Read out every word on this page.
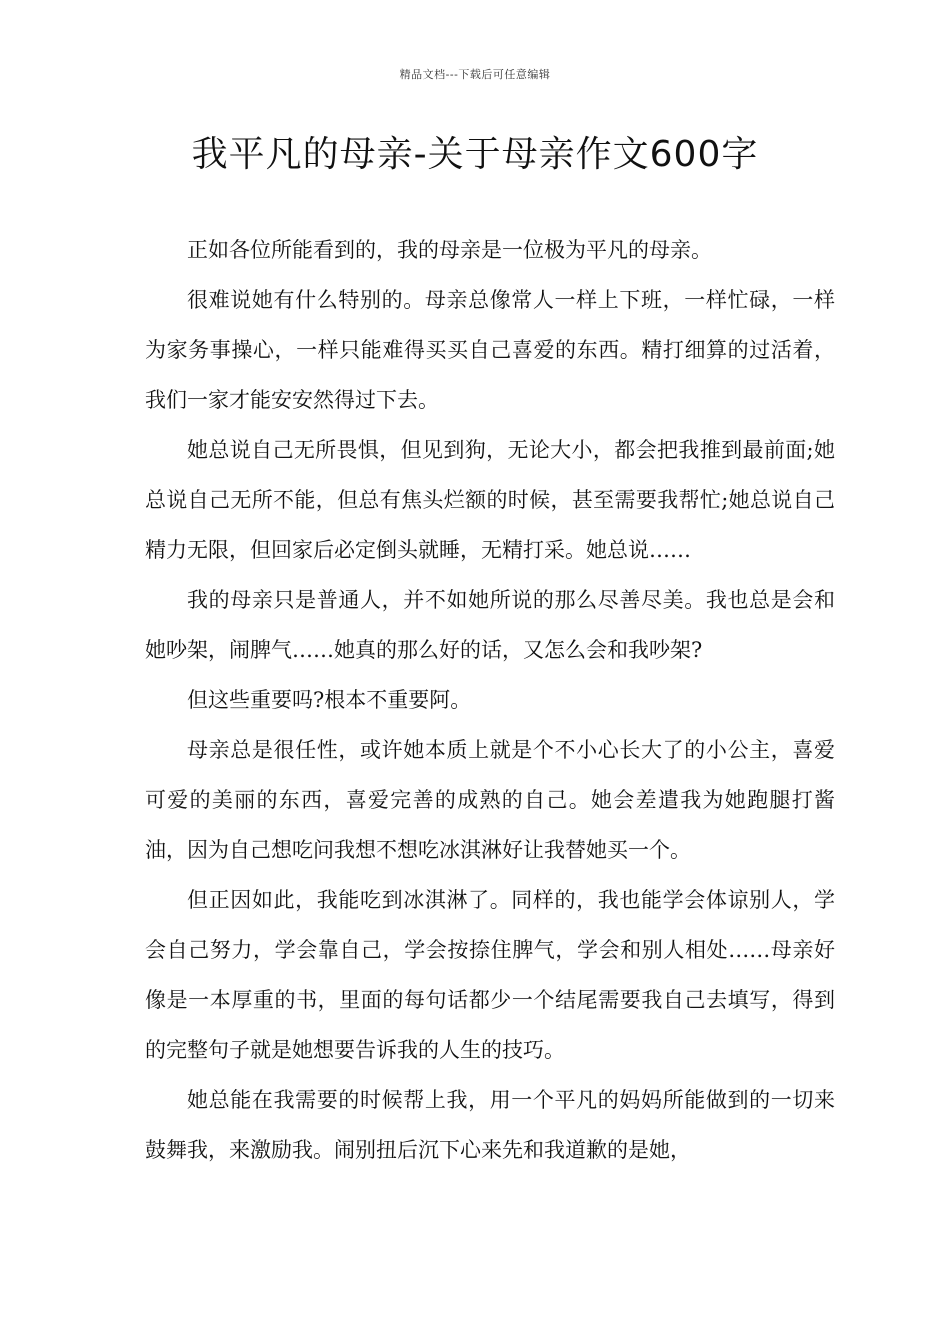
精品文档---下载后可任意编辑
我平凡的母亲-关于母亲作文600字

正如各位所能看到的，我的母亲是一位极为平凡的母亲。

很难说她有什么特别的。母亲总像常人一样上下班，一样忙碌，一样为家务事操心，一样只能难得买买自己喜爱的东西。精打细算的过活着，我们一家才能安安然得过下去。

她总说自己无所畏惧，但见到狗，无论大小，都会把我推到最前面;她总说自己无所不能，但总有焦头烂额的时候，甚至需要我帮忙;她总说自己精力无限，但回家后必定倒头就睡，无精打采。她总说……

我的母亲只是普通人，并不如她所说的那么尽善尽美。我也总是会和她吵架，闹脾气……她真的那么好的话，又怎么会和我吵架?

但这些重要吗?根本不重要阿。

母亲总是很任性，或许她本质上就是个不小心长大了的小公主，喜爱可爱的美丽的东西，喜爱完善的成熟的自己。她会差遣我为她跑腿打酱油，因为自己想吃问我想不想吃冰淇淋好让我替她买一个。

但正因如此，我能吃到冰淇淋了。同样的，我也能学会体谅别人，学会自己努力，学会靠自己，学会按捺住脾气，学会和别人相处……母亲好像是一本厚重的书，里面的每句话都少一个结尾需要我自己去填写，得到的完整句子就是她想要告诉我的人生的技巧。

她总能在我需要的时候帮上我，用一个平凡的妈妈所能做到的一切来鼓舞我，来激励我。闹别扭后沉下心来先和我道歉的是她，
